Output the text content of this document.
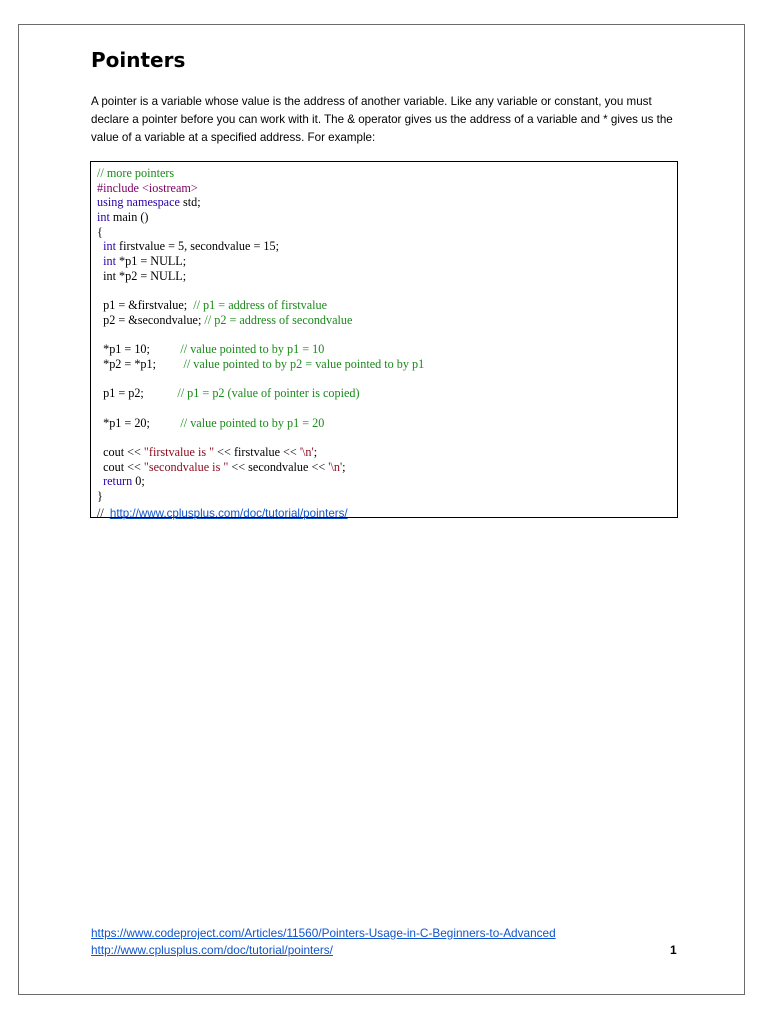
Pointers

A pointer is a variable whose value is the address of another variable. Like any variable or constant, you must declare a pointer before you can work with it. The & operator gives us the address of a variable and * gives us the value of a variable at a specified address. For example:

// more pointers
#include <iostream>
using namespace std;
int main ()
{
int firstvalue = 5, secondvalue = 15;
int *p1 = NULL;
int *p2 = NULL;
p1 = &firstvalue;  // p1 = address of firstvalue
p2 = &secondvalue; // p2 = address of secondvalue
*p1 = 10;          // value pointed to by p1 = 10
*p2 = *p1;         // value pointed to by p2 = value pointed to by p1
p1 = p2;           // p1 = p2 (value of pointer is copied)
*p1 = 20;          // value pointed to by p1 = 20
cout << "firstvalue is " << firstvalue << '\n';
cout << "secondvalue is " << secondvalue << '\n';
return 0;
}
//  http://www.cplusplus.com/doc/tutorial/pointers/
https://www.codeproject.com/Articles/11560/Pointers-Usage-in-C-Beginners-to-Advanced
http://www.cplusplus.com/doc/tutorial/pointers/	1
